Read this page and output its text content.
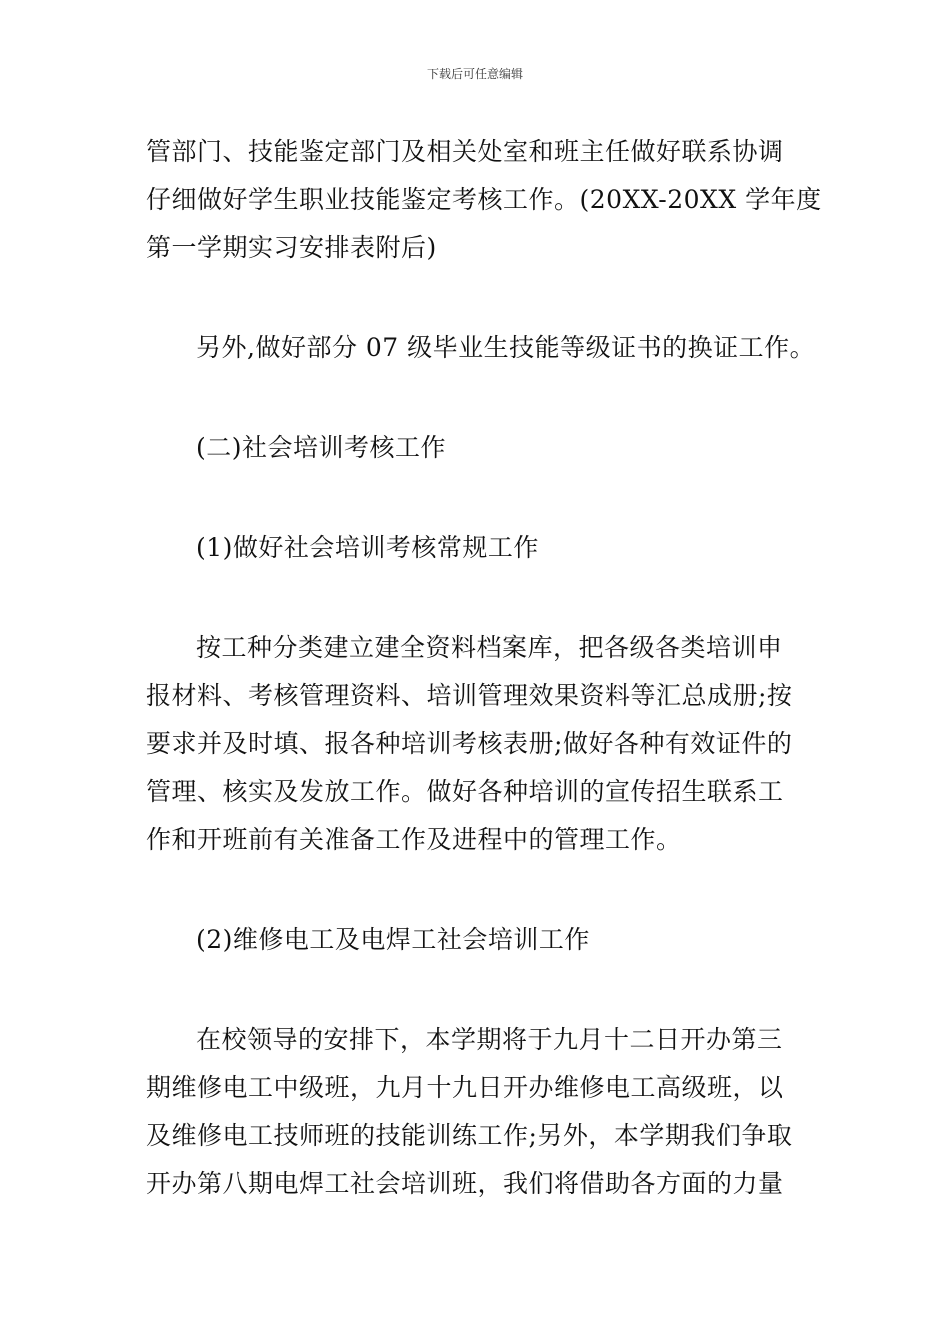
下载后可任意编辑
管部门、技能鉴定部门及相关处室和班主任做好联系协调
仔细做好学生职业技能鉴定考核工作。(20XX-20XX 学年度
第一学期实习安排表附后)
另外,做好部分 07 级毕业生技能等级证书的换证工作。
(二)社会培训考核工作
(1)做好社会培训考核常规工作
按工种分类建立建全资料档案库，把各级各类培训申
报材料、考核管理资料、培训管理效果资料等汇总成册;按
要求并及时填、报各种培训考核表册;做好各种有效证件的
管理、核实及发放工作。做好各种培训的宣传招生联系工
作和开班前有关准备工作及进程中的管理工作。
(2)维修电工及电焊工社会培训工作
在校领导的安排下，本学期将于九月十二日开办第三
期维修电工中级班，九月十九日开办维修电工高级班，以
及维修电工技师班的技能训练工作;另外，本学期我们争取
开办第八期电焊工社会培训班，我们将借助各方面的力量
